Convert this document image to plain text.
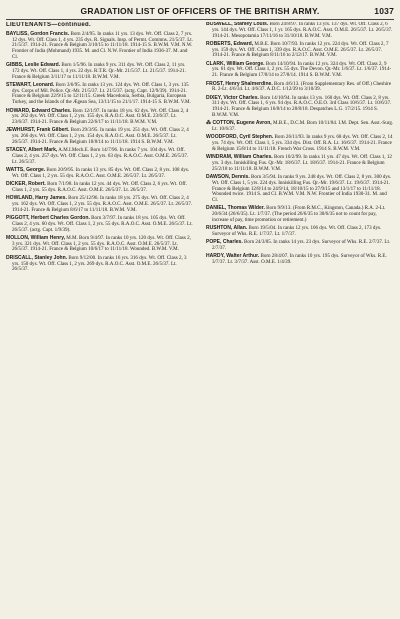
GRADATION LIST OF OFFICERS OF THE BRITISH ARMY.	1037
LIEUTENANTS—continued.
BAYLISS, Gordon Francis. Born 2/4/95. In ranks 11 yrs. 13 dys. Wt. Off. Class 2, 7 yrs. 12 dys. Wt. Off. Class 1, 4 yrs. 235 dys. R. Signals. Insp. of Permt. Commns. 21/5/37. Lt. 21/5/37. 1914-21. France & Belgium 3/10/15 to 11/11/18. 1914-15 S. B.W.M. V.M. N.W. Frontier of India (Mohmand) 1935. M. and Cl. N.W. Frontier of India 1936-37. M. and Cl.
GIBBS, Leslie Edward. Born 1/5/96. In ranks 9 yrs. 311 dys. Wt. Off. Class 2, 11 yrs. 172 dys. Wt. Off. Class 1, 4 yrs. 22 dys. R.T.R. Qr.-Mr. 21/5/37. Lt. 21/5/37. 1914-21. France & Belgium 3/11/17 to 11/11/18. B.W.M. V.M.
STEWART, Leonard. Born 3/6/95. In ranks 13 yrs. 124 dys. Wt. Off. Class 1, 3 yrs. 135 dys. Corps of Mil. Police. Qr.-Mr. 21/5/37. Lt. 21/5/37. (actg. Capt. 12/9/39). 1914-21. France & Belgium 22/9/15 to 12/11/15. Greek Macedonia, Serbia, Bulgaria, European Turkey, and the Islands of the Ægean Sea, 13/11/15 to 21/1/17. 1914-15 S. B.W.M. V.M.
HOWARD, Edward Charles. Born 12/1/97. In ranks 18 yrs. 62 dys. Wt. Off. Class 2, 4 yrs. 262 dys. Wt. Off. Class 1, 2 yrs. 155 dys. R.A.O.C. Asst. O.M.E. 23/6/37. Lt. 23/6/37. 1914-21. France & Belgium 22/6/17 to 11/11/18. B.W.M. V.M.
JEWHURST, Frank Gilbert. Born 29/3/95. In ranks 19 yrs. 251 dys. Wt. Off. Class 2, 4 yrs. 266 dys. Wt. Off. Class 1, 2 yrs. 154 dys. R.A.O.C. Asst. O.M.E. 26/5/37. Lt. 26/5/37. 1914-21. France & Belgium 18/8/14 to 11/11/18. 1914 S. B.W.M. V.M.
STACEY, Albert Mark, A.M.I.Mech.E. Born 14/7/96. In ranks 7 yrs. 104 dys. Wt. Off. Class 2, 4 yrs. 257 dys. Wt. Off. Class 1, 2 yrs. 63 dys. R.A.O.C. Asst. O.M.E. 26/5/37. Lt. 26/5/37.
WATTS, George. Born 20/9/95. In ranks 13 yrs. 85 dys. Wt. Off. Class 2, 8 yrs. 108 dys. Wt. Off. Class 1, 2 yrs. 55 dys. R.A.O.C. Asst. O.M.E. 26/5/37. Lt. 26/5/37.
DICKER, Robert. Born 7/1/98. In ranks 12 yrs. 44 dys. Wt. Off. Class 2, 6 yrs. Wt. Off. Class 1, 2 yrs. 55 dys. R.A.O.C. Asst. O.M.E. 26/5/37. Lt. 26/5/37.
HOWLAND, Harry James. Born 25/12/96. In ranks 18 yrs. 275 dys. Wt. Off. Class 2, 4 yrs. 162 dys. Wt. Off. Class 1, 2 yrs. 55 dys. R.A.O.C. Asst. O.M.E. 26/5/37. Lt. 26/5/37. 1914-21. France & Belgium 8/6/17 to 11/11/18. B.W.M. V.M.
PIGGOTT, Herbert Charles Gordon. Born 3/7/97. In ranks 18 yrs. 105 dys. Wt. Off. Class 2, 4 yrs. 60 dys. Wt. Off. Class 1, 2 yrs. 55 dys. R.A.O.C. Asst. O.M.E. 26/5/37. Lt. 26/5/37. (actg. Capt. 1/9/39).
MOLLON, William Henry, M.M. Born 9/4/97. In ranks 10 yrs. 120 dys. Wt. Off. Class 2, 3 yrs. 321 dys. Wt. Off. Class 1, 2 yrs. 55 dys. R.A.O.C. Asst. O.M.E. 26/5/37. Lt. 26/5/37. 1914-21. France & Belgium 10/6/17 to 11/11/18. Wounded. B.W.M. V.M.
DRISCALL, Stanley John. Born 9/12/00. In ranks 16 yrs. 316 dys. Wt. Off. Class 2, 3 yrs. 150 dys. Wt. Off. Class 1, 2 yrs. 269 dys. R.A.O.C. Asst. O.M.E. 26/5/37. Lt. 26/5/37.
BOSWELL, Stanley Louis. Born 24/8/97. In ranks 13 yrs. 137 dys. Wt. Off. Class 2, 6 yrs. 144 dys. Wt. Off. Class 1, 1 yr. 165 dys. R.A.O.C. Asst. O.M.E. 26/5/37. Lt. 26/5/37. 1914-21. Mesopotamia 17/11/16 to 31/10/18. B.W.M. V.M.
ROBERTS, Edward, M.B.E. Born 10/7/93. In ranks 12 yrs. 224 dys. Wt. Off. Class 2, 7 yrs. 159 dys. Wt. Off. Class 1, 339 dys. R.A.O.C. Asst. O.M.E. 26/5/37. Lt. 26/5/37. 1914-21. France & Belgium 8/11/16 to 2/12/17. B.W.M. V.M.
CLARK, William George. Born 14/10/94. In ranks 12 yrs. 324 dys. Wt. Off. Class 2, 9 yrs. 61 dys. Wt. Off. Class 1, 2 yrs. 55 dys. The Devon. Qr.-Mr. 1/6/37. Lt. 1/6/37. 1914-21. France & Belgium 17/8/14 to 27/8/14. 1914 S. B.W.M. V.M.
FROST, Henry Shalmerdine. Born 4/6/13. (From Supplementary Res. of Off.) Cheshire R. 2-Lt. 4/6/34. Lt. 4/6/37. A.D.C. 1/12/39 to 3/10/39.
DIXEY, Victor Charles. Born 14/10/94. In ranks 13 yrs. 160 dys. Wt. Off. Class 2, 8 yrs. 311 dys. Wt. Off. Class 1, 6 yrs. 94 dys. R.A.O.C. O.E.O. 3rd Class 10/6/37. Lt. 10/6/37. 1914-21. France & Belgium 16/8/14 to 28/8/18. Despatches L.G. 17/2/15. 1914 S. B.W.M. V.M.
⁂ COTTON, Eugene Avron, M.B.E., D.C.M. Born 10/11/84. I.M. Dept. Sen. Asst.-Surg. Lt. 10/6/37.
WOODFORD, Cyril Stephen. Born 26/11/93. In ranks 9 yrs. 68 dys. Wt. Off. Class 2, 14 yrs. 74 dys. Wt. Off. Class 1, 5 yrs. 334 dys. Dist. Off. R.A. Lt. 16/6/37. 1914-21. France & Belgium 15/8/14 to 11/11/18. French War Cross. 1914 S. B.W.M. V.M.
WINDRAM, William Charles. Born 10/2/99. In ranks 11 yrs. 47 dys. Wt. Off. Class 1, 12 yrs. 3 dys. Inniskilling Fus. Qr.-Mr. 18/6/37. Lt. 18/6/37. 1914-21. France & Belgium 25/2/18 to 11/11/18. B.W.M. V.M.
DAWSON, Dennis. Born 3/5/94. In ranks 9 yrs. 248 dys. Wt. Off. Class 2, 8 yrs. 300 dys. Wt. Off. Class 1, 5 yrs. 224 dys. Inniskilling Fus. Qr.-Mr. 19/6/37. Lt. 19/6/37. 1914-21. France & Belgium 12/8/14 to 24/9/14, 18/10/15 to 27/9/15 and 13/1/17 to 11/11/18. Wounded twice. 1914 S. and Cl. B.W.M. V.M. N.W. Frontier of India 1930-31. M. and Cl.
DANIEL, Thomas Wilder. Born 9/9/13. (From R.M.C., Kingston, Canada.) R.A. 2-Lt. 20/6/34 (26/6/35). Lt. 1/7/37. (The period 26/6/35 to 30/6/35 not to count for pay, increase of pay, time promotion or retirement.)
RUSHTON, Allan. Born 19/5/04. In ranks 12 yrs. 106 dys. Wt. Off. Class 2, 173 dys. Surveyor of Wks. R.E. 1/7/37. Lt. 1/7/37.
POPE, Charles. Born 24/3/05. In ranks 14 yrs. 23 dys. Surveyor of Wks. R.E. 2/7/37. Lt. 2/7/37.
HARDY, Walter Arthur. Born 28/4/07. In ranks 10 yrs. 195 dys. Surveyor of Wks. R.E. 3/7/37. Lt. 3/7/37. Asst. O.M.E. 1/4/39.
